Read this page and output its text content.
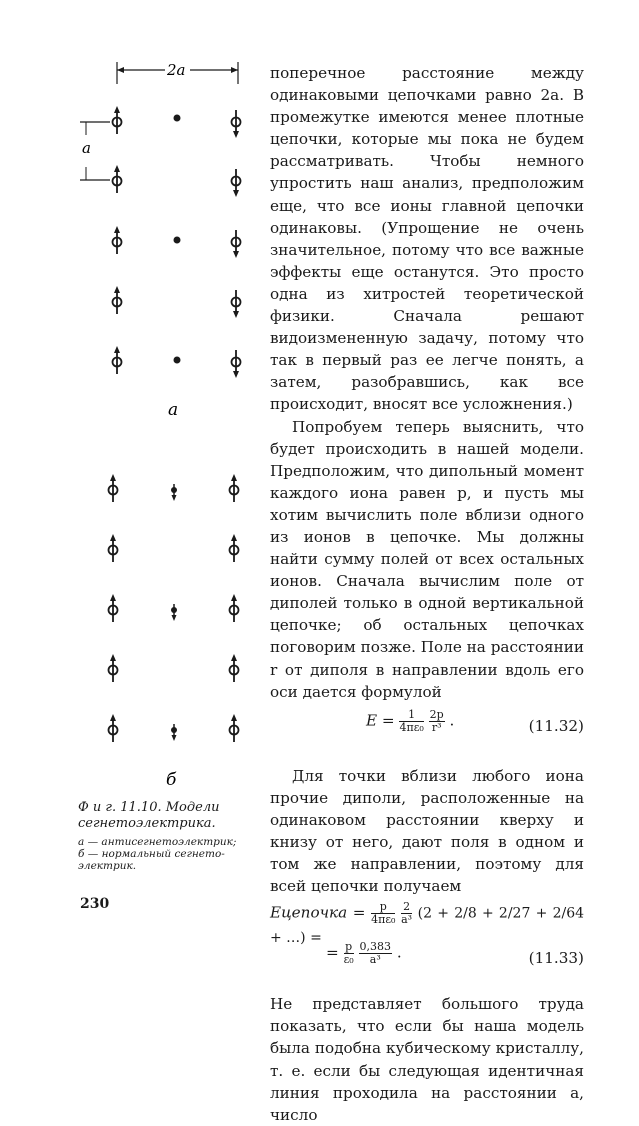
2a
a
a
б
Ф и г. 11.10. Модели сегнетоэлектрика.
а — антисегнетоэлектрик;
б — нормальный сегнетоэлектрик.
230

поперечное расстояние между одинаковыми цепочками равно 2a. В промежутке имеются менее плотные цепочки, которые мы пока не будем рассматривать. Чтобы немного упростить наш анализ, предположим еще, что все ионы главной цепочки одинаковы. (Упрощение не очень значительное, потому что все важные эффекты еще останутся. Это просто одна из хитростей теоретической физики. Сначала решают видоизмененную задачу, потому что так в первый раз ее легче понять, а затем, разобравшись, как все происходит, вносят все усложнения.)

Попробуем теперь выяснить, что будет происходить в нашей модели. Предположим, что дипольный момент каждого иона равен p, и пусть мы хотим вычислить поле вблизи одного из ионов в цепочке. Мы должны найти сумму полей от всех остальных ионов. Сначала вычислим поле от диполей только в одной вертикальной цепочке; об остальных цепочках поговорим позже. Поле на расстоянии r от диполя в направлении вдоль его оси дается формулой

$E = \frac{1}{\text{4πε₀}}$
$\frac{2p}{\text{r³}}$ .	(11.32)

Для точки вблизи любого иона прочие диполи, расположенные на одинаковом расстоянии кверху и книзу от него, дают поля в одном и том же направлении, поэтому для всей цепочки получаем

Eцепочка = $\frac{p}{\text{4πε₀}}$
$\frac{2}{\text{a³}} (2 + 2/8 + 2/27 + 2/64$ + …) =
= $\frac{p}{\text{ε₀}}$
$\frac{0,383}{\text{a³}}$ .	(11.33)

Не представляет большого труда показать, что если бы наша модель была подобна кубическому кристаллу, т. е. если бы следующая идентичная линия проходила на расстоянии a, число
